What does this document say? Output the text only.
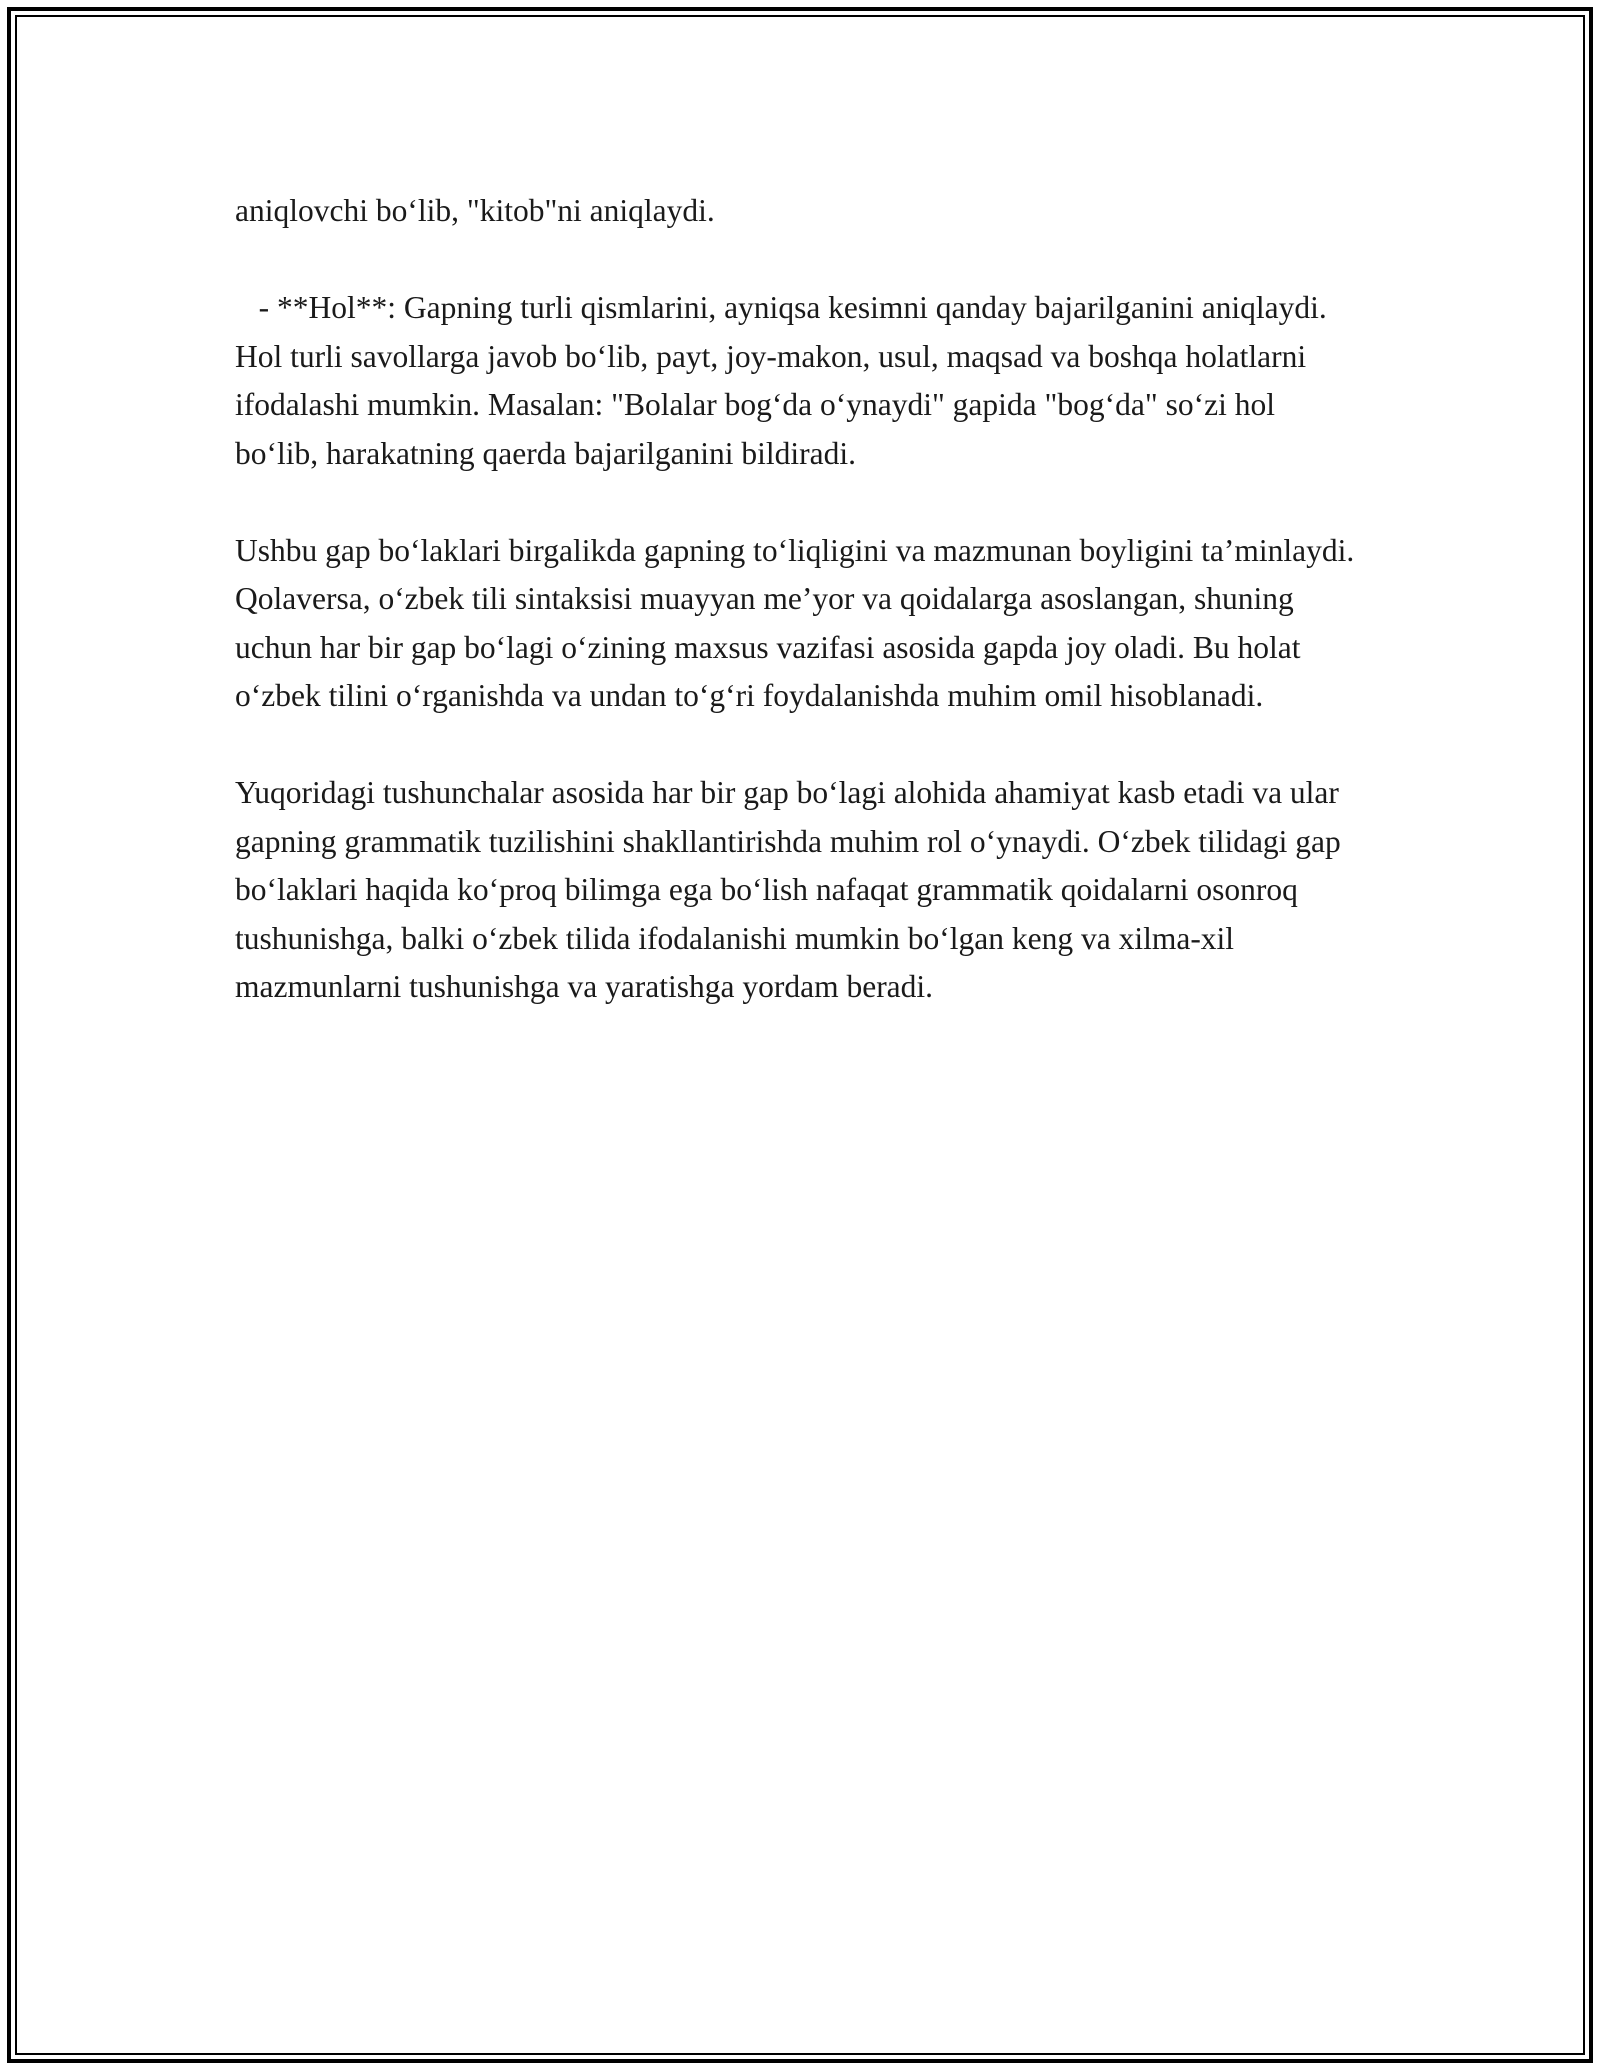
aniqlovchi bo‘lib, "kitob"ni aniqlaydi.

- **Hol**: Gapning turli qismlarini, ayniqsa kesimni qanday bajarilganini aniqlaydi. Hol turli savollarga javob bo‘lib, payt, joy-makon, usul, maqsad va boshqa holatlarni ifodalashi mumkin. Masalan: "Bolalar bog‘da o‘ynaydi" gapida "bog‘da" so‘zi hol bo‘lib, harakatning qaerda bajarilganini bildiradi.

Ushbu gap bo‘laklari birgalikda gapning to‘liqligini va mazmunan boyligini ta’minlaydi. Qolaversa, o‘zbek tili sintaksisi muayyan me’yor va qoidalarga asoslangan, shuning uchun har bir gap bo‘lagi o‘zining maxsus vazifasi asosida gapda joy oladi. Bu holat o‘zbek tilini o‘rganishda va undan to‘g‘ri foydalanishda muhim omil hisoblanadi.

Yuqoridagi tushunchalar asosida har bir gap bo‘lagi alohida ahamiyat kasb etadi va ular gapning grammatik tuzilishini shakllantirishda muhim rol o‘ynaydi. O‘zbek tilidagi gap bo‘laklari haqida ko‘proq bilimga ega bo‘lish nafaqat grammatik qoidalarni osonroq tushunishga, balki o‘zbek tilida ifodalanishi mumkin bo‘lgan keng va xilma-xil mazmunlarni tushunishga va yaratishga yordam beradi.
